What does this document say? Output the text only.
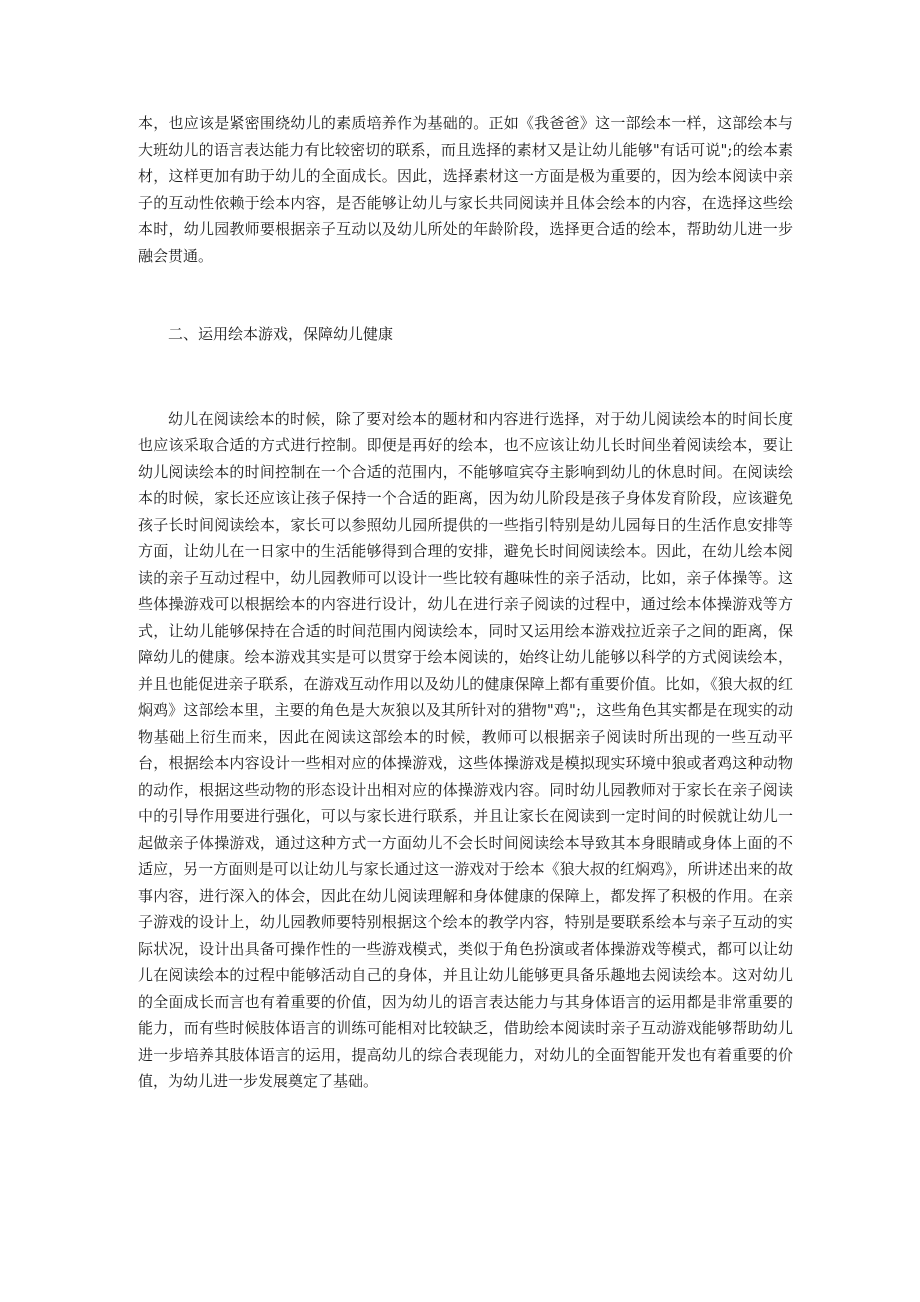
本，也应该是紧密围绕幼儿的素质培养作为基础的。正如《我爸爸》这一部绘本一样，这部绘本与大班幼儿的语言表达能力有比较密切的联系，而且选择的素材又是让幼儿能够"有话可说";的绘本素材，这样更加有助于幼儿的全面成长。因此，选择素材这一方面是极为重要的，因为绘本阅读中亲子的互动性依赖于绘本内容，是否能够让幼儿与家长共同阅读并且体会绘本的内容，在选择这些绘本时，幼儿园教师要根据亲子互动以及幼儿所处的年龄阶段，选择更合适的绘本，帮助幼儿进一步融会贯通。

二、运用绘本游戏，保障幼儿健康

幼儿在阅读绘本的时候，除了要对绘本的题材和内容进行选择，对于幼儿阅读绘本的时间长度也应该采取合适的方式进行控制。即便是再好的绘本，也不应该让幼儿长时间坐着阅读绘本，要让幼儿阅读绘本的时间控制在一个合适的范围内，不能够喧宾夺主影响到幼儿的休息时间。在阅读绘本的时候，家长还应该让孩子保持一个合适的距离，因为幼儿阶段是孩子身体发育阶段，应该避免孩子长时间阅读绘本，家长可以参照幼儿园所提供的一些指引特别是幼儿园每日的生活作息安排等方面，让幼儿在一日家中的生活能够得到合理的安排，避免长时间阅读绘本。因此，在幼儿绘本阅读的亲子互动过程中，幼儿园教师可以设计一些比较有趣味性的亲子活动，比如，亲子体操等。这些体操游戏可以根据绘本的内容进行设计，幼儿在进行亲子阅读的过程中，通过绘本体操游戏等方式，让幼儿能够保持在合适的时间范围内阅读绘本，同时又运用绘本游戏拉近亲子之间的距离，保障幼儿的健康。绘本游戏其实是可以贯穿于绘本阅读的，始终让幼儿能够以科学的方式阅读绘本，并且也能促进亲子联系，在游戏互动作用以及幼儿的健康保障上都有重要价值。比如，《狼大叔的红焖鸡》这部绘本里，主要的角色是大灰狼以及其所针对的猎物"鸡";，这些角色其实都是在现实的动物基础上衍生而来，因此在阅读这部绘本的时候，教师可以根据亲子阅读时所出现的一些互动平台，根据绘本内容设计一些相对应的体操游戏，这些体操游戏是模拟现实环境中狼或者鸡这种动物的动作，根据这些动物的形态设计出相对应的体操游戏内容。同时幼儿园教师对于家长在亲子阅读中的引导作用要进行强化，可以与家长进行联系，并且让家长在阅读到一定时间的时候就让幼儿一起做亲子体操游戏，通过这种方式一方面幼儿不会长时间阅读绘本导致其本身眼睛或身体上面的不适应，另一方面则是可以让幼儿与家长通过这一游戏对于绘本《狼大叔的红焖鸡》，所讲述出来的故事内容，进行深入的体会，因此在幼儿阅读理解和身体健康的保障上，都发挥了积极的作用。在亲子游戏的设计上，幼儿园教师要特别根据这个绘本的教学内容，特别是要联系绘本与亲子互动的实际状况，设计出具备可操作性的一些游戏模式，类似于角色扮演或者体操游戏等模式，都可以让幼儿在阅读绘本的过程中能够活动自己的身体，并且让幼儿能够更具备乐趣地去阅读绘本。这对幼儿的全面成长而言也有着重要的价值，因为幼儿的语言表达能力与其身体语言的运用都是非常重要的能力，而有些时候肢体语言的训练可能相对比较缺乏，借助绘本阅读时亲子互动游戏能够帮助幼儿进一步培养其肢体语言的运用，提高幼儿的综合表现能力，对幼儿的全面智能开发也有着重要的价值，为幼儿进一步发展奠定了基础。
